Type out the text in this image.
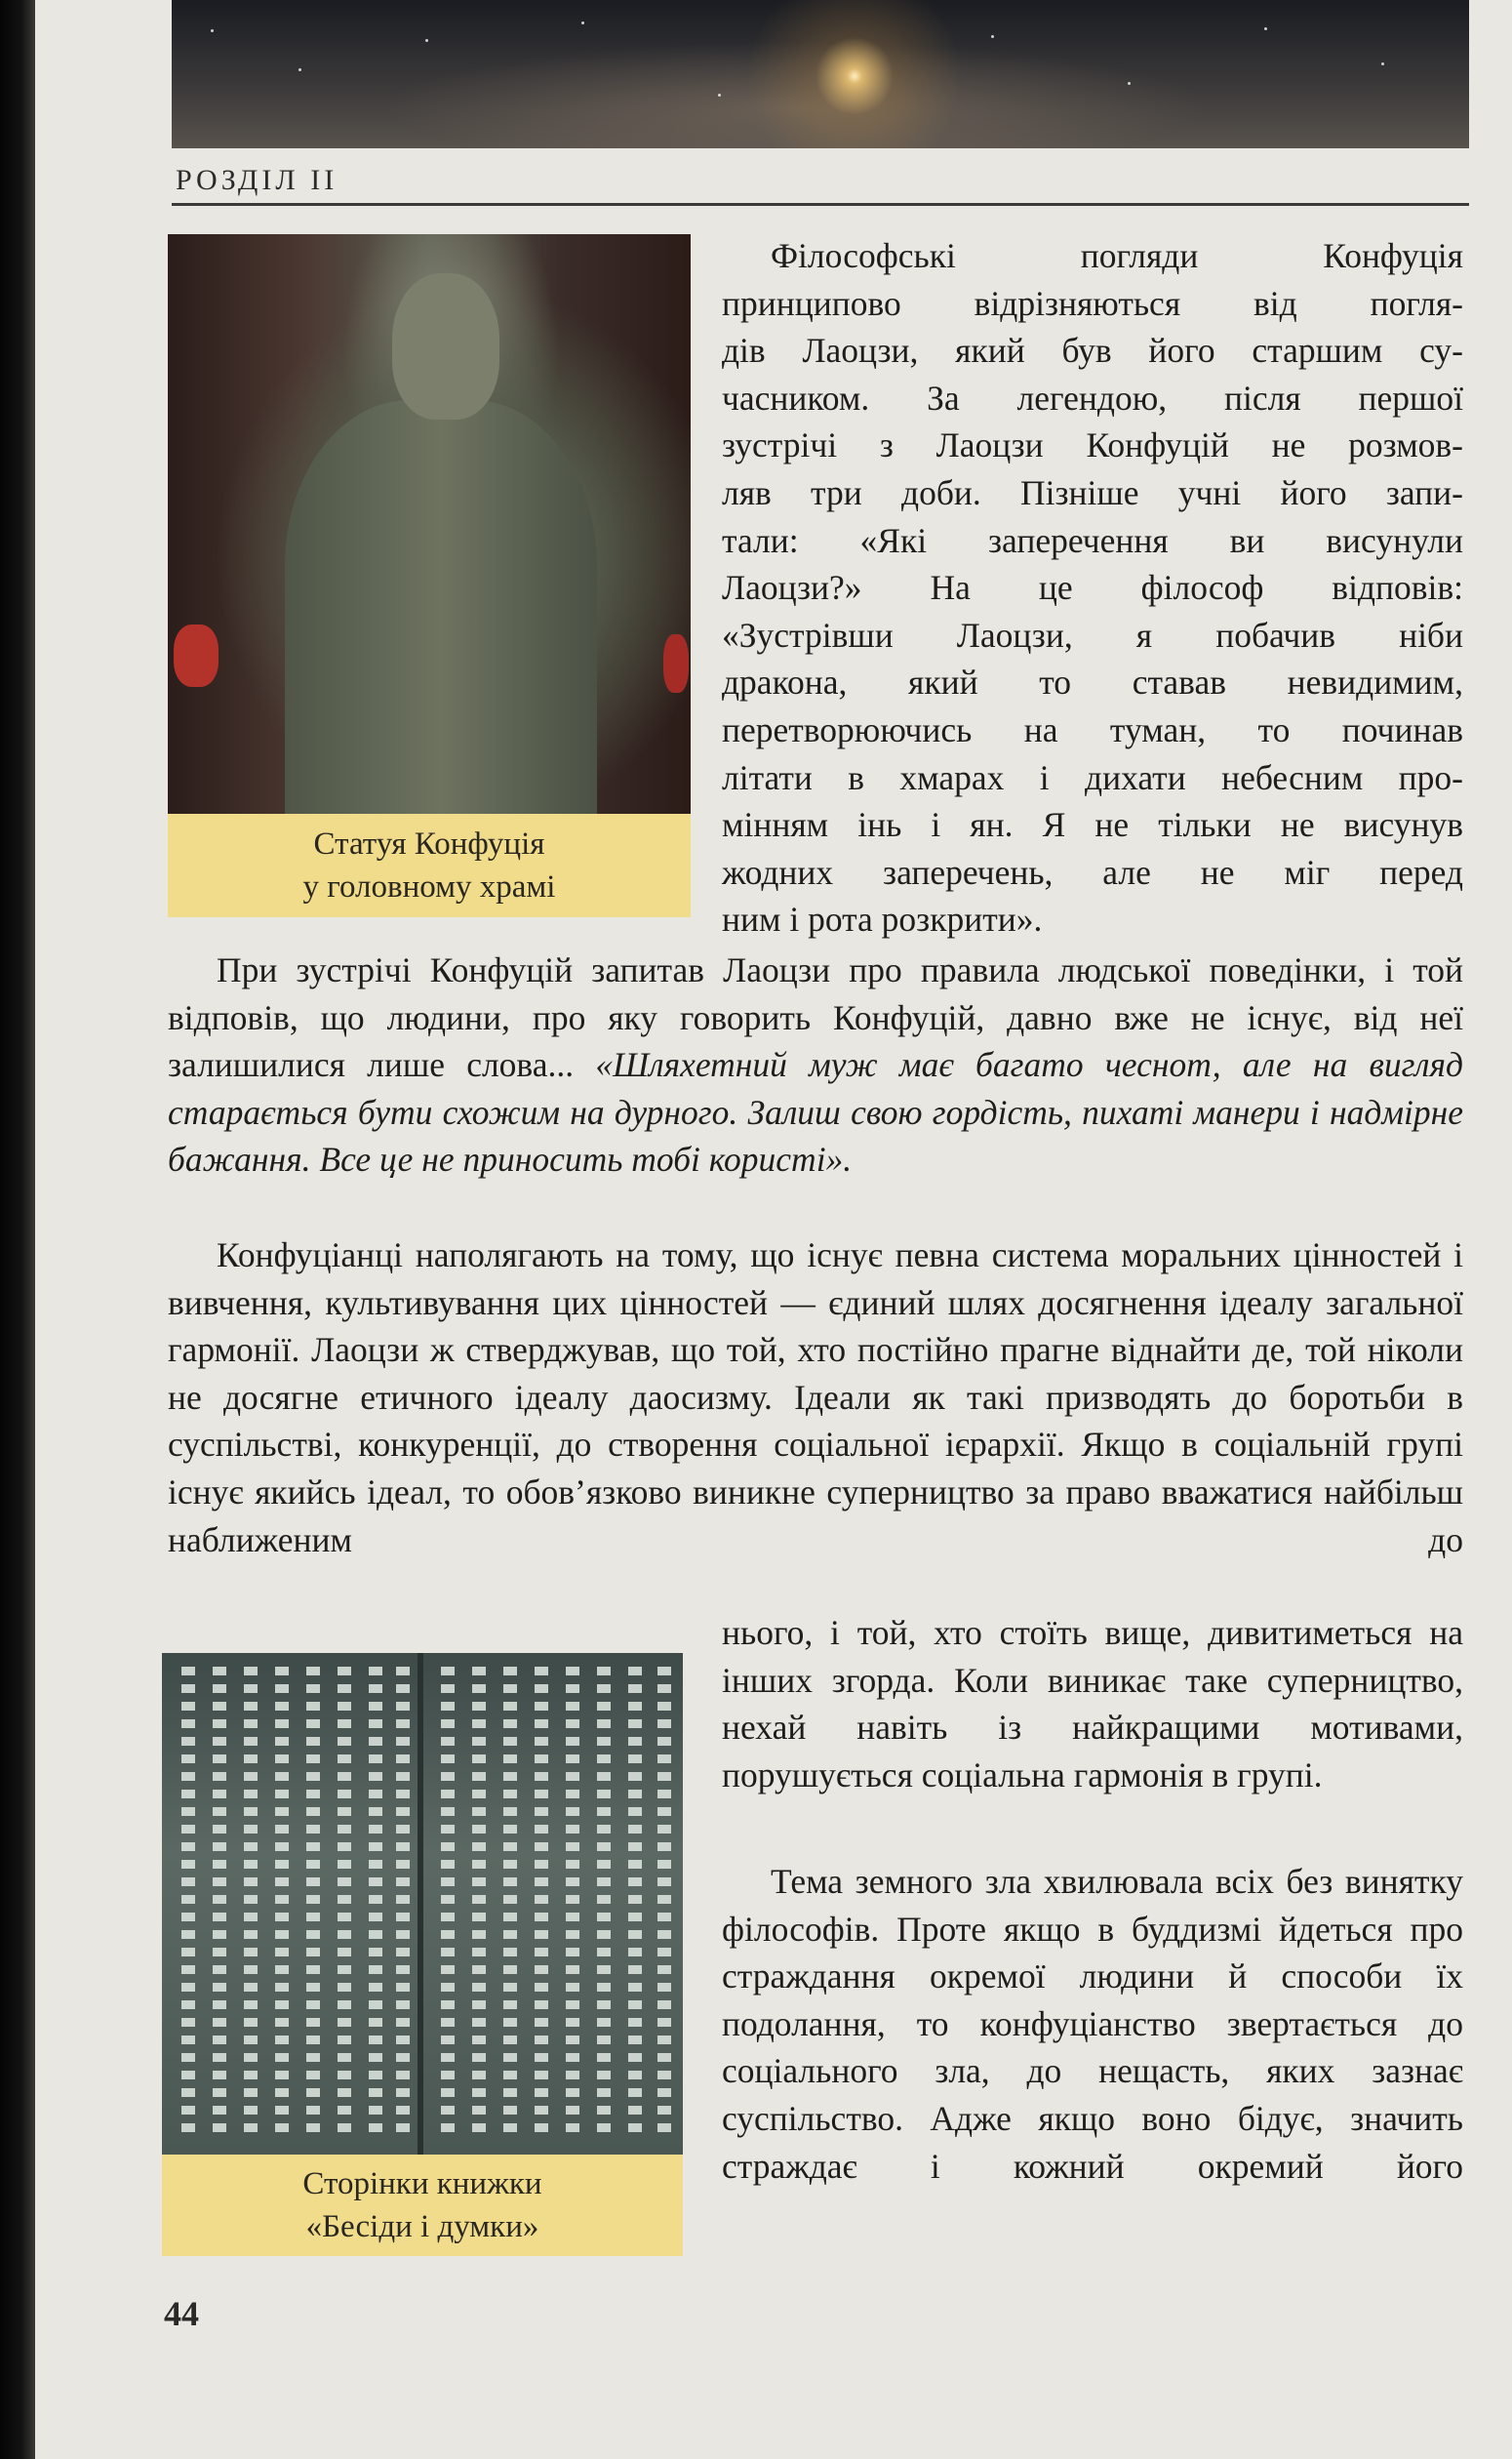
РОЗДІЛ II
Статуя Конфуція
у головному храмі

Філософські погляди Конфуція

принципово відрізняються від погля-

дів Лаоцзи, який був його старшим су-

часником. За легендою, після першої

зустрічі з Лаоцзи Конфуцій не розмов-

ляв три доби. Пізніше учні його запи-

тали: «Які заперечення ви висунули

Лаоцзи?» На це філософ відповів:

«Зустрівши Лаоцзи, я побачив ніби

дракона, який то ставав невидимим,

перетворюючись на туман, то починав

літати в хмарах і дихати небесним про-

мінням інь і ян. Я не тільки не висунув

жодних заперечень, але не міг перед

ним і рота розкрити».

При зустрічі Конфуцій запитав Лаоцзи про правила людської поведінки, і той відповів, що людини, про яку говорить Конфуцій, давно вже не існує, від неї залишилися лише слова... «Шляхетний муж має багато чеснот, але на вигляд старається бути схожим на дурного. Залиш свою гордість, пихаті манери і надмірне бажання. Все це не приносить тобі користі».

Конфуціанці наполягають на тому, що існує певна система моральних цінностей і вивчення, культивування цих цінностей — єдиний шлях досягнення ідеалу загальної гармонії. Лаоцзи ж стверджував, що той, хто постійно прагне віднайти де, той ніколи не досягне етичного ідеалу даосизму. Ідеали як такі призводять до боротьби в суспільстві, конкуренції, до створення соціальної ієрархії. Якщо в соціальній групі існує якийсь ідеал, то обов’язково виникне суперництво за право вважатися найбільш наближеним до

Сторінки книжки
«Бесіди і думки»

нього, і той, хто стоїть вище, дивитиметься на інших згорда. Коли виникає таке суперництво, нехай навіть із найкращими мотивами, порушується соціальна гармонія в групі.

Тема земного зла хвилювала всіх без винятку філософів. Проте якщо в буддизмі йдеться про страждання окремої людини й способи їх подолання, то конфуціанство звертається до соціального зла, до нещасть, яких зазнає суспільство. Адже якщо воно бідує, значить страждає і кожний окремий його

44
